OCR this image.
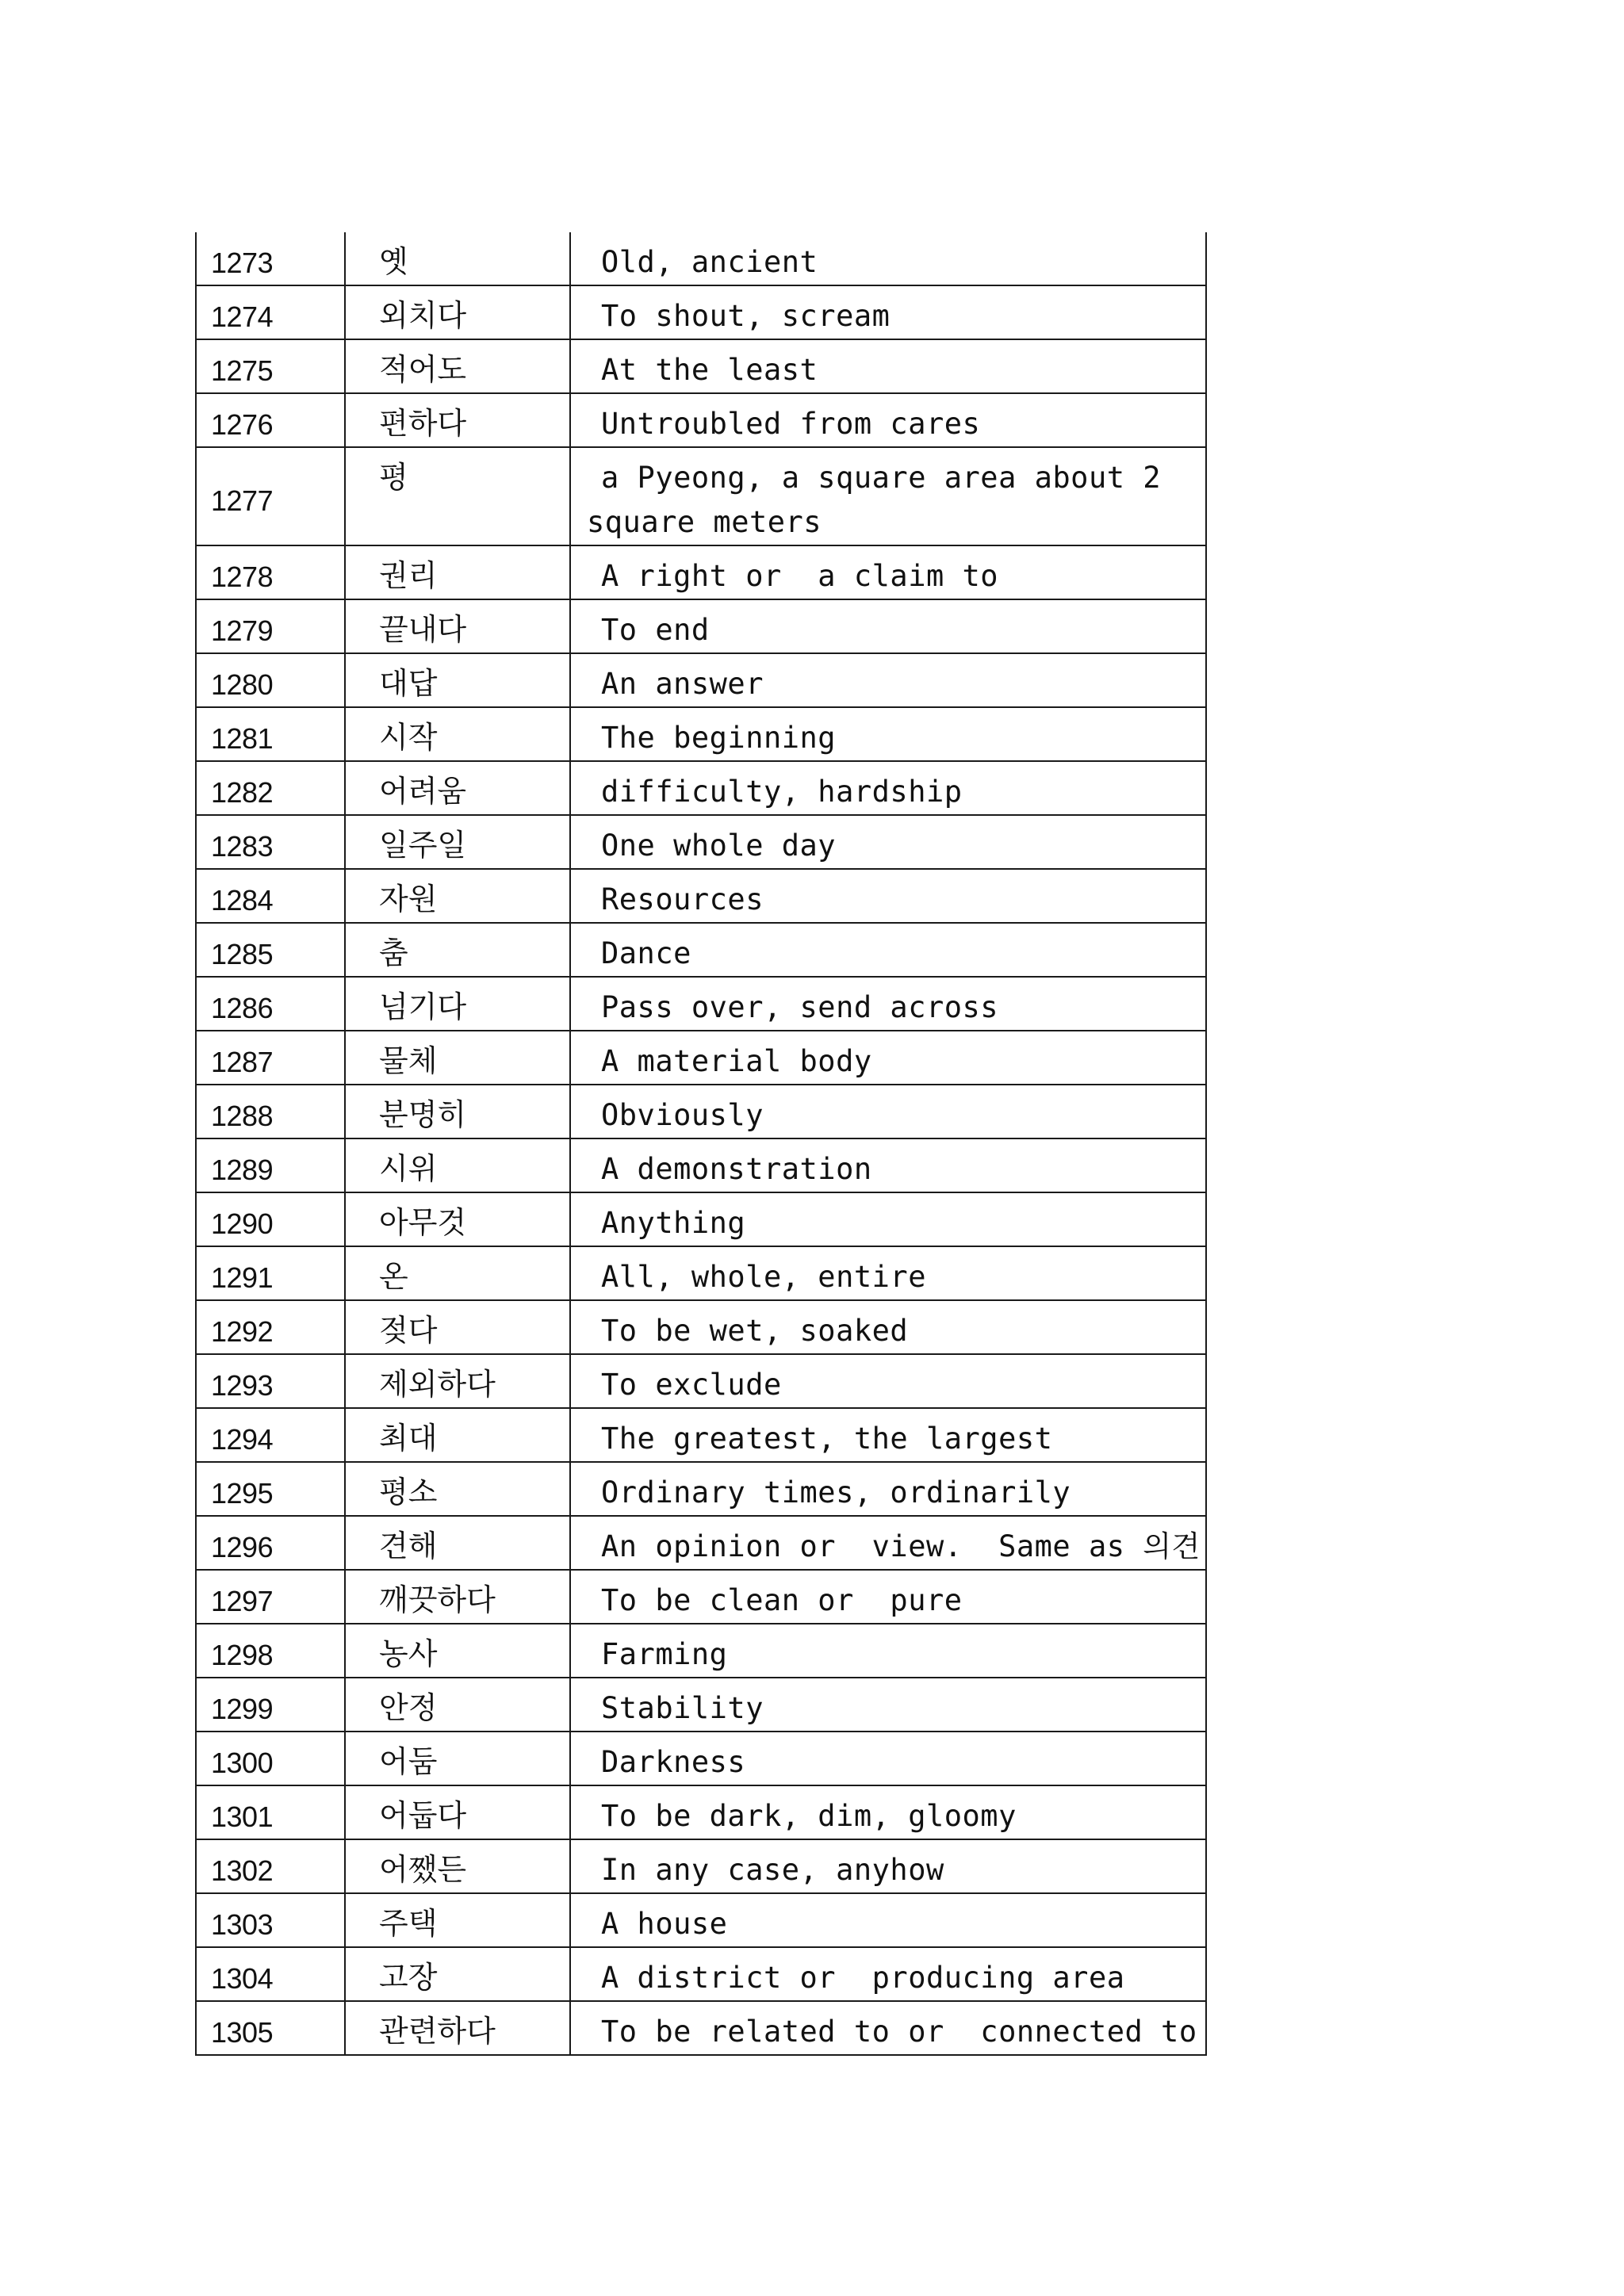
1273	옛	Old, ancient
1274	외치다	To shout, scream
1275	적어도	At the least
1276	편하다	Untroubled from cares
1277	평	a Pyeong, a square area about 2 square meters
1278	권리	A right or  a claim to
1279	끝내다	To end
1280	대답	An answer
1281	시작	The beginning
1282	어려움	difficulty, hardship
1283	일주일	One whole day
1284	자원	Resources
1285	춤	Dance
1286	넘기다	Pass over, send across
1287	물체	A material body
1288	분명히	Obviously
1289	시위	A demonstration
1290	아무것	Anything
1291	온	All, whole, entire
1292	젖다	To be wet, soaked
1293	제외하다	To exclude
1294	최대	The greatest, the largest
1295	평소	Ordinary times, ordinarily
1296	견해	An opinion or  view.  Same as 의견
1297	깨끗하다	To be clean or  pure
1298	농사	Farming
1299	안정	Stability
1300	어둠	Darkness
1301	어둡다	To be dark, dim, gloomy
1302	어쨌든	In any case, anyhow
1303	주택	A house
1304	고장	A district or  producing area
1305	관련하다	To be related to or  connected to
